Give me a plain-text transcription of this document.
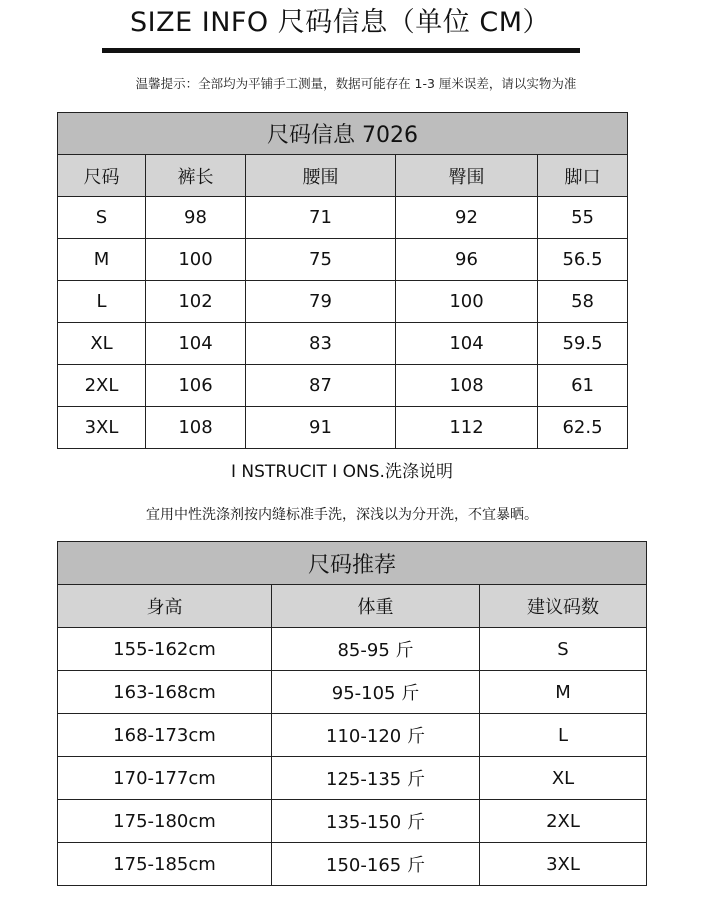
SIZE INFO 尺码信息（单位 CM）
温馨提示：全部均为平铺手工测量，数据可能存在 1-3 厘米误差，请以实物为准
尺码信息 7026				
尺码	裤长	腰围	臀围	脚口
S	98	71	92	55
M	100	75	96	56.5
L	102	79	100	58
XL	104	83	104	59.5
2XL	106	87	108	61
3XL	108	91	112	62.5
I NSTRUCIT I ONS.洗涤说明
宜用中性洗涤剂按内缝标准手洗，深浅以为分开洗，不宜暴晒。
尺码推荐		
身高	体重	建议码数
155-162cm	85-95 斤	S
163-168cm	95-105 斤	M
168-173cm	110-120 斤	L
170-177cm	125-135 斤	XL
175-180cm	135-150 斤	2XL
175-185cm	150-165 斤	3XL
